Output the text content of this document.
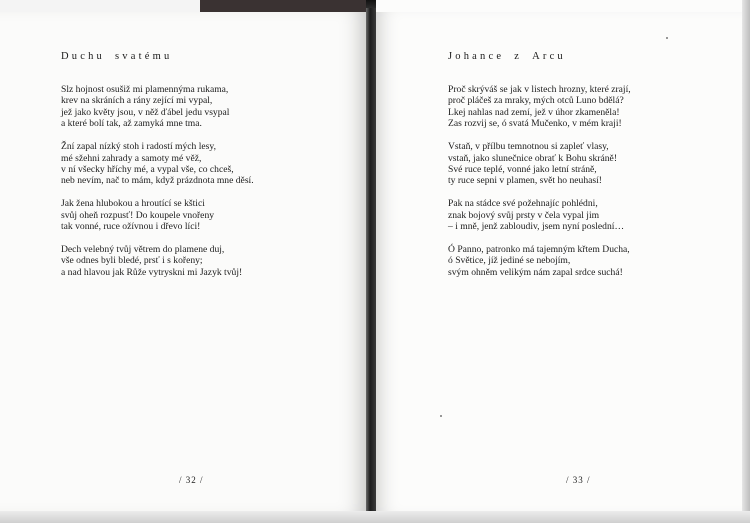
Duchu svatému
Slz hojnost osušiž mi plamennýma rukama,
krev na skráních a rány zející mi vypal,
jež jako květy jsou, v něž ďábel jedu vsypal
a které bolí tak, až zamyká mne tma.
Žní zapal nízký stoh i radostí mých lesy,
mé sžehni zahrady a samoty mé věž,
v ní všecky hříchy mé, a vypal vše, co chceš,
neb nevím, nač to mám, když prázdnota mne děsí.
Jak žena hlubokou a hroutící se kštici
svůj oheň rozpusť! Do koupele vnořeny
tak vonné, ruce ožívnou i dřevo líci!
Dech velebný tvůj větrem do plamene duj,
vše odnes byli bledé, prsť i s kořeny;
a nad hlavou jak Růže vytryskni mi Jazyk tvůj!
/ 32 /
Johance z Arcu
Proč skrýváš se jak v listech hrozny, které zrají,
proč pláčeš za mraky, mých otců Luno bdělá?
Lkej nahlas nad zemí, jež v úhor zkameněla!
Zas rozvij se, ó svatá Mučenko, v mém kraji!
Vstaň, v přílbu temnotnou si zapleť vlasy,
vstaň, jako slunečnice obrať k Bohu skráně!
Své ruce teplé, vonné jako letní stráně,
ty ruce sepni v plamen, svět ho neuhasí!
Pak na stádce své požehnajíc pohlédni,
znak bojový svůj prsty v čela vypal jim
– i mně, jenž zabloudiv, jsem nyní poslední…
Ó Panno, patronko má tajemným křtem Ducha,
ó Světice, jíž jediné se nebojím,
svým ohněm velikým nám zapal srdce suchá!
/ 33 /
